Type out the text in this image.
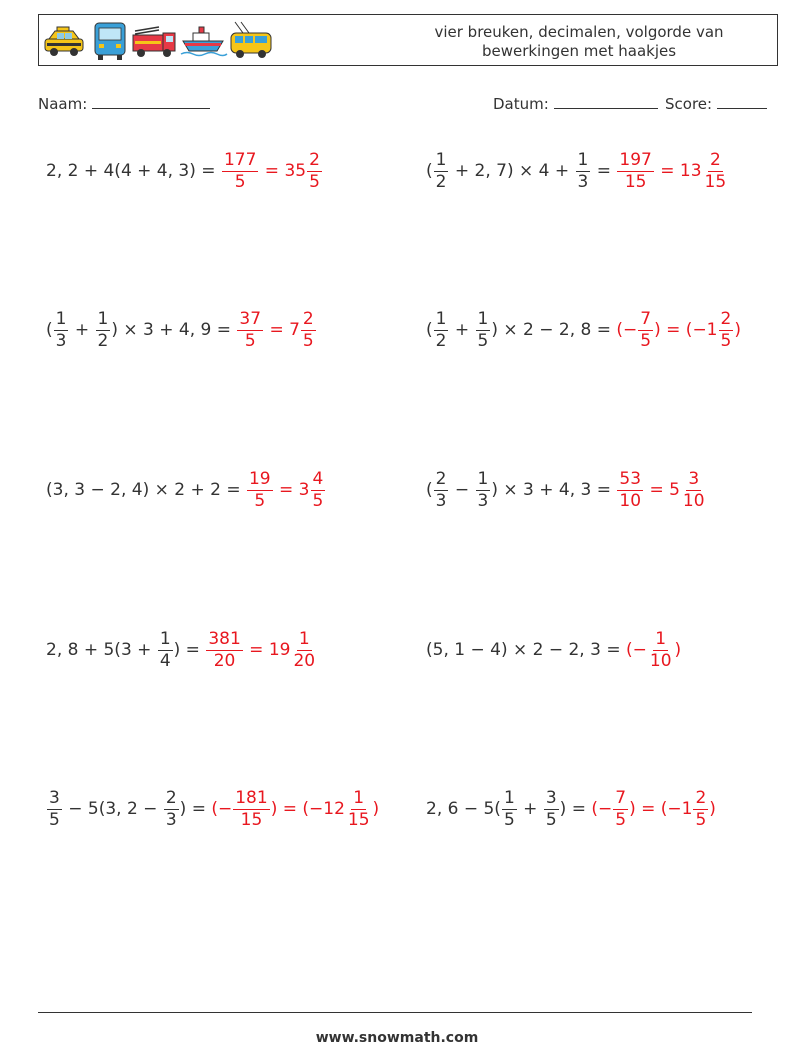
vier breuken, decimalen, volgorde van bewerkingen met haakjes
Naam:	Datum:	Score:
2, 2 + 4(4 + 4, $3) = \frac{177}{5} = 35 \frac{2}{5}$	( $\frac{1}{2} + 2$, $7) \times 4 + \frac{1}{3} = \frac{197}{15} = 13 \frac{2}{15}$
( $\frac{1}{3} + \frac{1}{2}$ ) × 3 + 4, $9 = \frac{37}{5} = 7 \frac{2}{5}$	( $\frac{1}{2} + \frac{1}{5}$ ) × 2 − 2, 8 = (− $\frac{7}{5}$ ) = ($-1 \frac{2}{5}$ )
(3, 3 − 2, $4) \times 2 + 2 = \frac{19}{5} = 3 \frac{4}{5}$	( $\frac{2}{3} - \frac{1}{3}$ ) × 3 + 4, $3 = \frac{53}{10} = 5 \frac{3}{10}$
2, $8 + 5(3 + \frac{1}{4}$ ) = $\frac{381}{20} = 19 \frac{1}{20}$	(5, 1 − 4) × 2 − 2, 3 = (− $\frac{1}{10}$ )
$\frac{3}{5} - 5(3$, $2 - \frac{2}{3}$ ) = (− $\frac{181}{15}$ ) = ($-12 \frac{1}{15}$ )	2, $6 - 5( \frac{1}{5} + \frac{3}{5}$ ) = (− $\frac{7}{5}$ ) = ($-1 \frac{2}{5}$ )
www.snowmath.com
